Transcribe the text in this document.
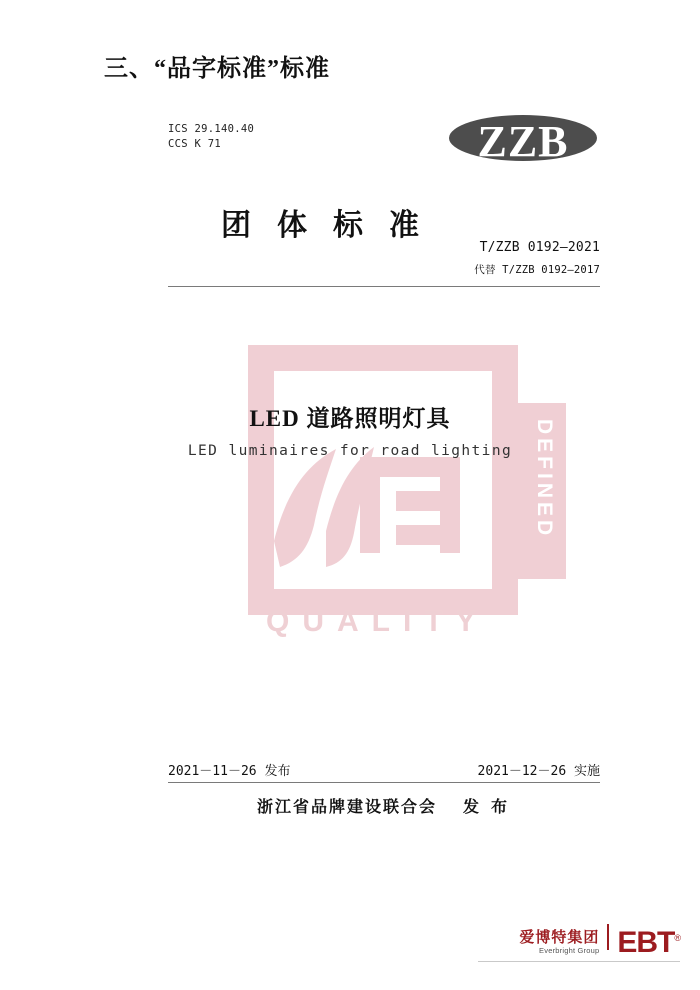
三、“品字标准”标准
ICS 29.140.40
CCS K 71	ZZB
团体标准
T/ZZB 0192—2021
代替 T/ZZB 0192—2017
DEFINED
QUALITY
LED 道路照明灯具
LED luminaires for road lighting
2021－11－26 发布	2021－12－26 实施
浙江省品牌建设联合会 发 布
爱博特集团
Everbright Group EBT®
